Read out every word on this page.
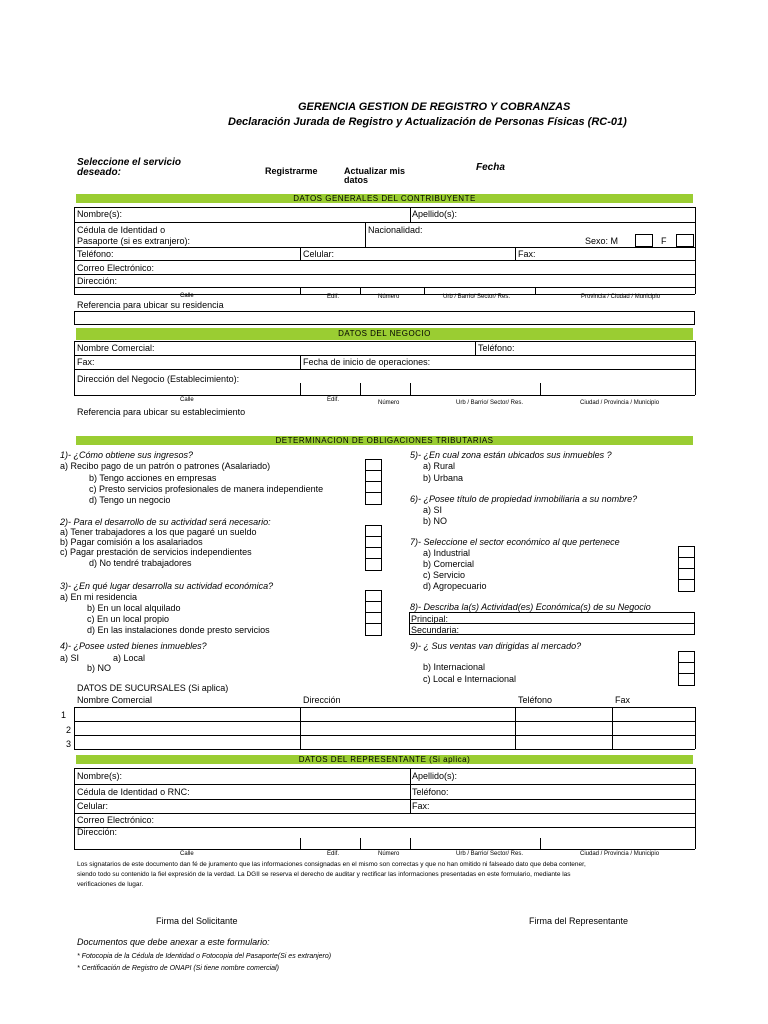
GERENCIA GESTION DE REGISTRO Y COBRANZAS
Declaración Jurada de Registro y Actualización de Personas Físicas (RC-01)
Seleccione el servicio
deseado:	Registrarme	Actualizar mis
datos
Fecha
DATOS GENERALES DEL CONTRIBUYENTE
Nombre(s):	Apellido(s):
Cédula de Identidad o
Pasaporte (si es extranjero):
Nacionalidad:
Sexo: M	F
Teléfono:	Celular:	Fax:
Correo Electrónico:
Dirección:
Calle	Edif.	Número	Urb / Barrio/ Sector/ Res.	Provincia / Ciudad / Municipio
Referencia para ubicar su residencia
DATOS DEL NEGOCIO
Nombre Comercial:	Teléfono:
Fax:	Fecha de inicio de operaciones:
Dirección del Negocio (Establecimiento):
Calle	Edif.	Número	Urb / Barrio/ Sector/ Res.	Ciudad / Provincia / Municipio
Referencia para ubicar su establecimiento
DETERMINACION DE OBLIGACIONES TRIBUTARIAS
1)- ¿Cómo obtiene sus ingresos?
a) Recibo pago de un patrón o patrones (Asalariado)
b) Tengo acciones en empresas
c) Presto servicios profesionales de manera independiente
d) Tengo un negocio
2)- Para el desarrollo de su actividad será necesario:
a) Tener trabajadores a los que pagaré un sueldo
b) Pagar comisión a los asalariados
c) Pagar prestación de servicios independientes
d) No tendré trabajadores
3)- ¿En qué lugar desarrolla su actividad económica?
a) En mi residencia
b) En un local alquilado
c) En un local propio
d) En las instalaciones donde presto servicios
4)- ¿Posee usted bienes inmuebles?
a) SI	a) Local
b) NO
5)- ¿En cual zona están ubicados sus inmuebles ?
a) Rural
b) Urbana
6)- ¿Posee título de propiedad inmobiliaria a su nombre?
a) SI
b) NO
7)- Seleccione el sector económico al que pertenece
a) Industrial
b) Comercial
c) Servicio
d) Agropecuario
8)- Describa la(s) Actividad(es) Económica(s) de su Negocio
Principal:
Secundaria:
9)- ¿ Sus ventas van dirigidas al mercado?
b) Internacional
c) Local e Internacional
DATOS DE SUCURSALES (Si aplica)
Nombre Comercial	Dirección	Teléfono	Fax
1
2
3
DATOS DEL REPRESENTANTE (Si aplica)
Nombre(s):	Apellido(s):
Cédula de Identidad o RNC:	Teléfono:
Celular:	Fax:
Correo Electrónico:
Dirección:
Calle	Edif.	Número	Urb / Barrio/ Sector/ Res.	Ciudad / Provincia / Municipio
Los signatarios de este documento dan fé de juramento que las informaciones consignadas en el mismo son correctas y que no han omitido ni falseado dato que deba contener,
siendo todo su contenido la fiel expresión de la verdad. La DGII se reserva el derecho de auditar y rectificar las informaciones presentadas en este formulario, mediante las
verificaciones de lugar.
Firma del Solicitante	Firma del Representante
Documentos que debe anexar a este formulario:
* Fotocopia de la Cédula de Identidad o Fotocopia del Pasaporte(Si es extranjero)
* Certificación de Registro de ONAPI (Si tiene nombre comercial)
